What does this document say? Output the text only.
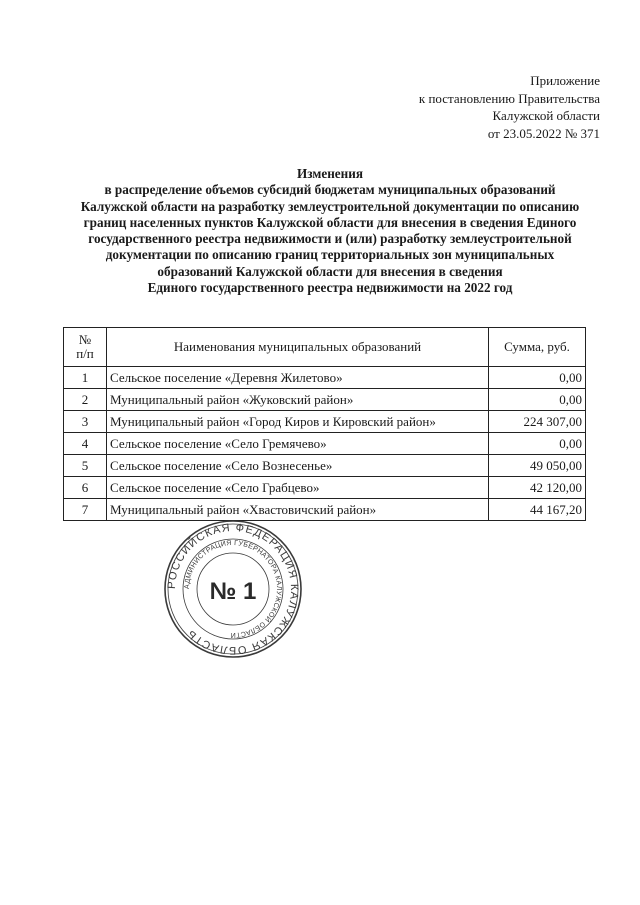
Приложение
к постановлению Правительства
Калужской области
от 23.05.2022 № 371
Изменения
в распределение объемов субсидий бюджетам муниципальных образований
Калужской области на разработку землеустроительной документации по описанию
границ населенных пунктов Калужской области для внесения в сведения Единого
государственного реестра недвижимости и (или) разработку землеустроительной
документации по описанию границ территориальных зон муниципальных
образований Калужской области для внесения в сведения
Единого государственного реестра недвижимости на 2022 год
№
п/п	Наименования муниципальных образований	Сумма, руб.
1	Сельское поселение «Деревня Жилетово»	0,00
2	Муниципальный район «Жуковский район»	0,00
3	Муниципальный район «Город Киров и Кировский район»	224 307,00
4	Сельское поселение «Село Гремячево»	0,00
5	Сельское поселение «Село Вознесенье»	49 050,00
6	Сельское поселение «Село Грабцево»	42 120,00
7	Муниципальный район «Хвастовичский район»	44 167,20
РОССИЙСКАЯ ФЕДЕРАЦИЯ КАЛУЖСКАЯ ОБЛАСТЬ
АДМИНИСТРАЦИЯ ГУБЕРНАТОРА КАЛУЖСКОЙ ОБЛАСТИ
№ 1
